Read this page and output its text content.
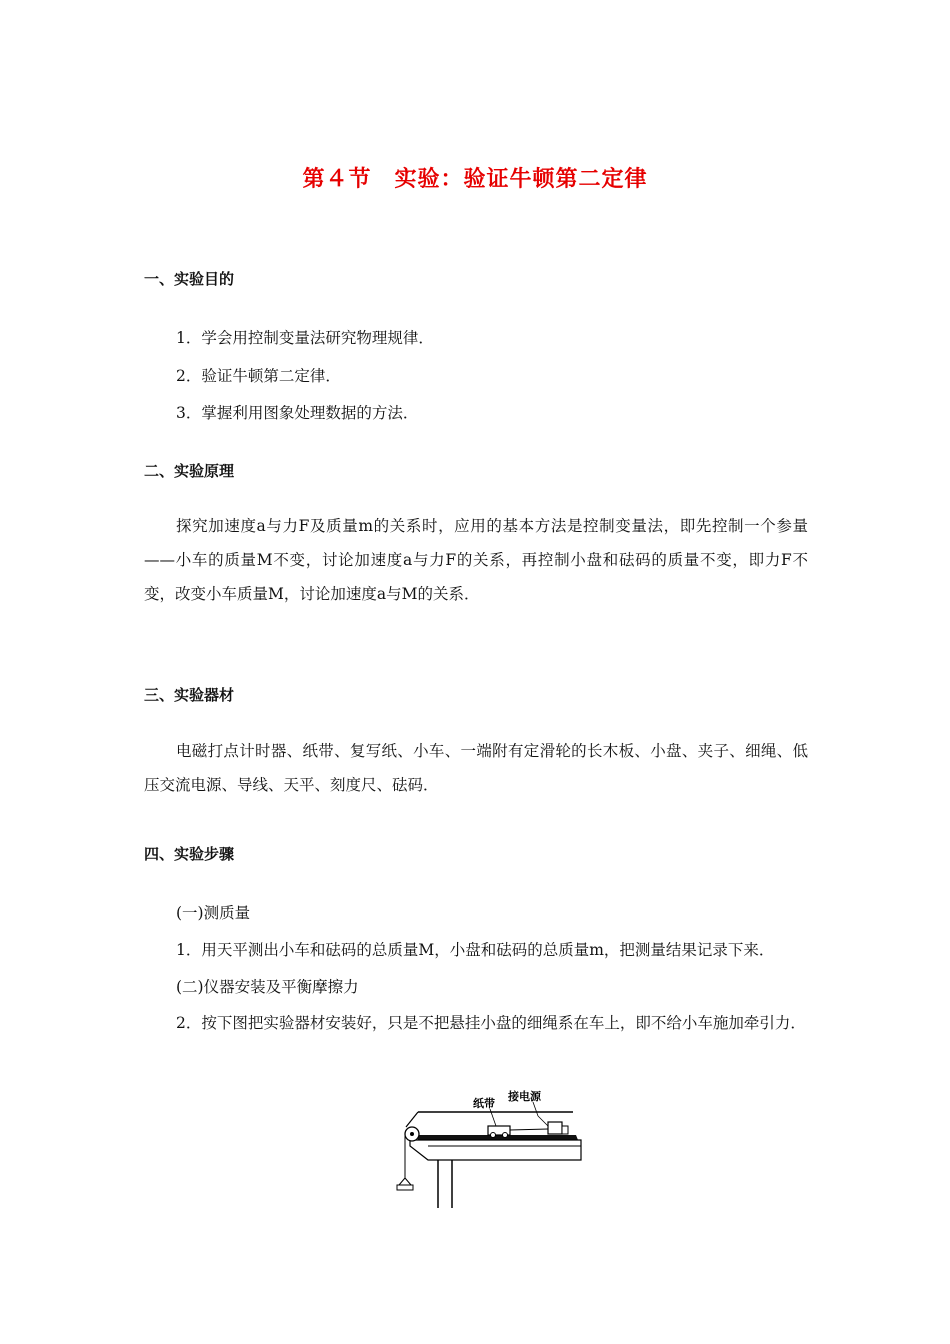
第４节　实验：验证牛顿第二定律
一、实验目的
1．学会用控制变量法研究物理规律．
2．验证牛顿第二定律．
3．掌握利用图象处理数据的方法．
二、实验原理
探究加速度a与力F及质量m的关系时，应用的基本方法是控制变量法，即先控制一个参量——小车的质量M不变，讨论加速度a与力F的关系，再控制小盘和砝码的质量不变，即力F不变，改变小车质量M，讨论加速度a与M的关系．
三、实验器材
电磁打点计时器、纸带、复写纸、小车、一端附有定滑轮的长木板、小盘、夹子、细绳、低压交流电源、导线、天平、刻度尺、砝码．
四、实验步骤
(一)测质量
1．用天平测出小车和砝码的总质量M，小盘和砝码的总质量m，把测量结果记录下来．
(二)仪器安装及平衡摩擦力
2．按下图把实验器材安装好，只是不把悬挂小盘的细绳系在车上，即不给小车施加牵引力．
纸带
接电源
